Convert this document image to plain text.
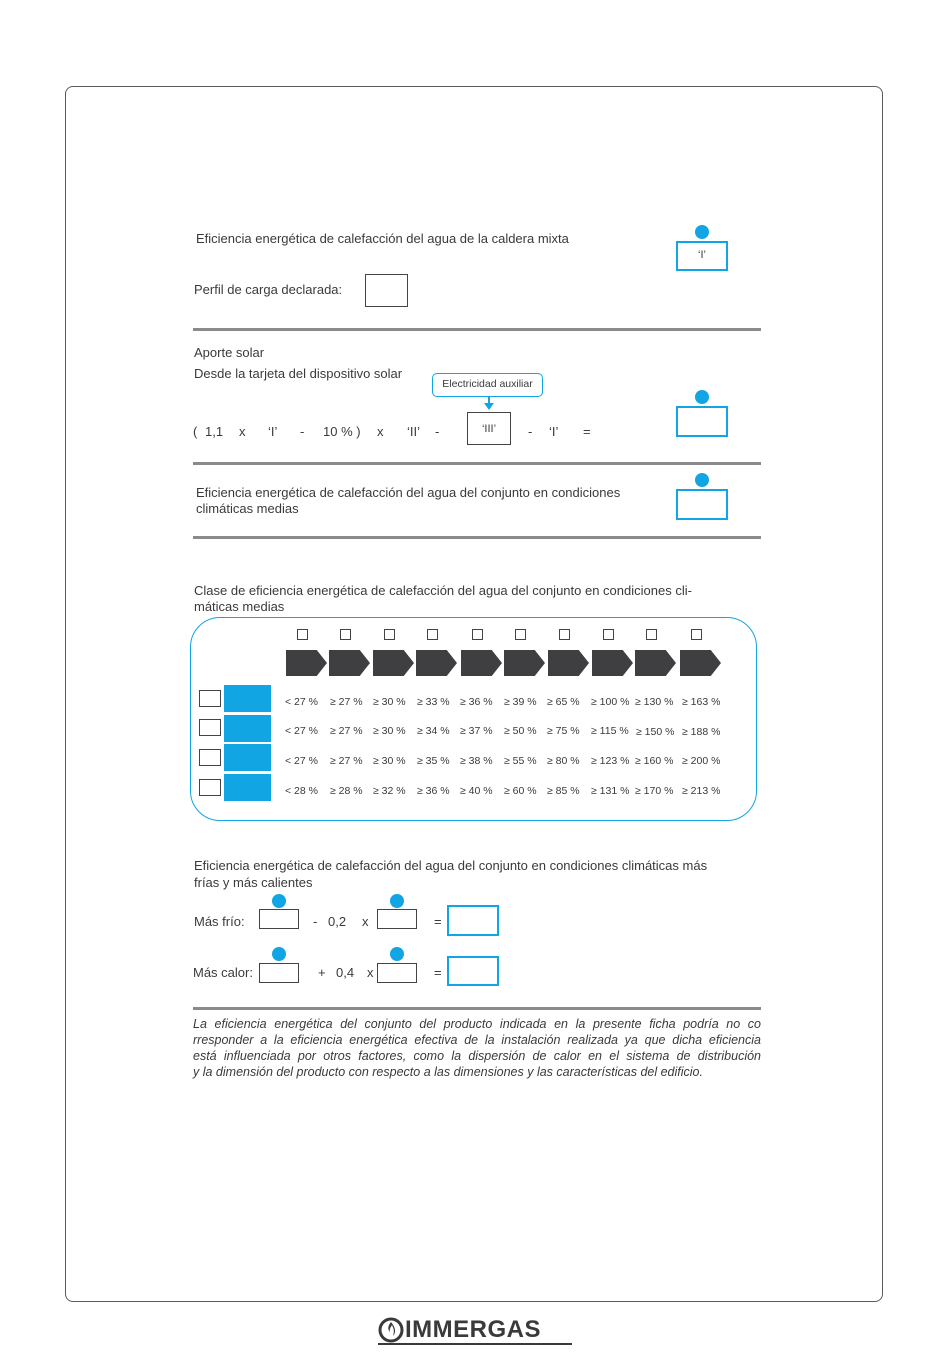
Eficiencia energética de calefacción del agua de la caldera mixta
‘I’
Perfil de carga declarada:
Aporte solar
Desde la tarjeta del dispositivo solar
Electricidad auxiliar
( 1,1 x ‘I’ - 10 % ) x ‘II’ -	‘III’	- ‘I’ =
Eficiencia energética de calefacción del agua del conjunto en condiciones
climáticas medias
Clase de eficiencia energética de calefacción del agua del conjunto en condiciones cli-
máticas medias
< 27 % ≥ 27 % ≥ 30 % ≥ 33 % ≥ 36 % ≥ 39 % ≥ 65 % ≥ 100 % ≥ 130 % ≥ 163 %
< 27 % ≥ 27 % ≥ 30 % ≥ 34 % ≥ 37 % ≥ 50 % ≥ 75 % ≥ 115 % ≥ 150 % ≥ 188 %
< 27 % ≥ 27 % ≥ 30 % ≥ 35 % ≥ 38 % ≥ 55 % ≥ 80 % ≥ 123 % ≥ 160 % ≥ 200 %
< 28 % ≥ 28 % ≥ 32 % ≥ 36 % ≥ 40 % ≥ 60 % ≥ 85 % ≥ 131 % ≥ 170 % ≥ 213 %
Eficiencia energética de calefacción del agua del conjunto en condiciones climáticas más
frías y más calientes
Más frío:	- 0,2 x	=
Más calor:	+ 0,4 x	=
La eficiencia energética del conjunto del producto indicada en la presente ficha podría no co
rresponder a la eficiencia energética efectiva de la instalación realizada ya que dicha eficiencia
está influenciada por otros factores, como la dispersión de calor en el sistema de distribución
y la dimensión del producto con respecto a las dimensiones y las características del edificio.
IMMERGAS
